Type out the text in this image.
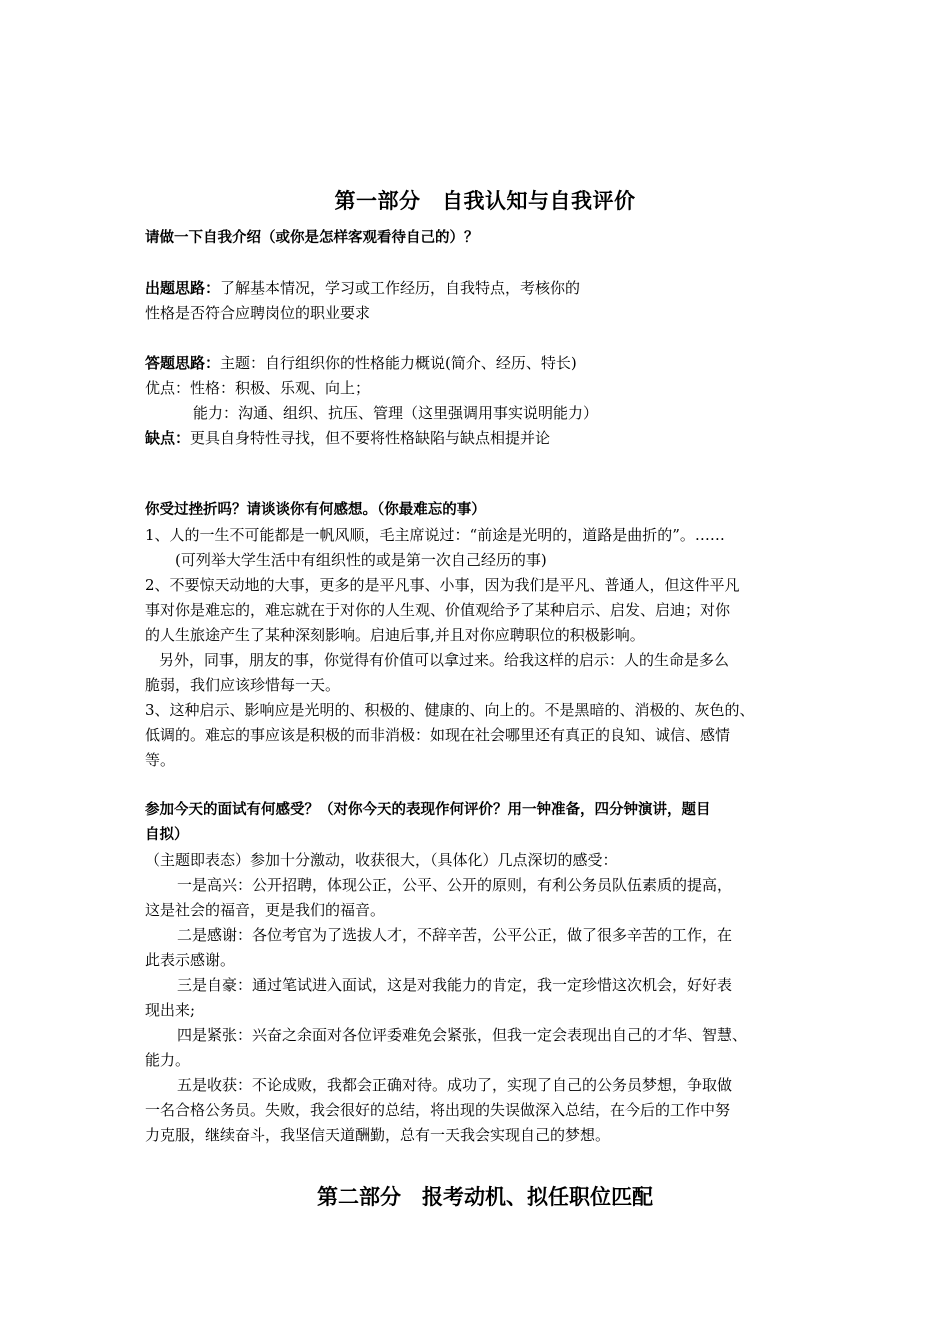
第一部分　自我认知与自我评价

请做一下自我介绍（或你是怎样客观看待自己的）？

出题思路：了解基本情况，学习或工作经历，自我特点，考核你的

性格是否符合应聘岗位的职业要求

答题思路：主题：自行组织你的性格能力概说(简介、经历、特长)

优点：性格：积极、乐观、向上；

能力：沟通、组织、抗压、管理（这里强调用事实说明能力）

缺点：更具自身特性寻找，但不要将性格缺陷与缺点相提并论

你受过挫折吗？请谈谈你有何感想。（你最难忘的事）

1、人的一生不可能都是一帆风顺，毛主席说过：“前途是光明的，道路是曲折的”。……

(可列举大学生活中有组织性的或是第一次自己经历的事)

2、不要惊天动地的大事，更多的是平凡事、小事，因为我们是平凡、普通人，但这件平凡

事对你是难忘的，难忘就在于对你的人生观、价值观给予了某种启示、启发、启迪；对你

的人生旅途产生了某种深刻影响。启迪后事,并且对你应聘职位的积极影响。

另外，同事，朋友的事，你觉得有价值可以拿过来。给我这样的启示：人的生命是多么

脆弱，我们应该珍惜每一天。

3、这种启示、影响应是光明的、积极的、健康的、向上的。不是黑暗的、消极的、灰色的、

低调的。难忘的事应该是积极的而非消极：如现在社会哪里还有真正的良知、诚信、感情

等。

参加今天的面试有何感受？（对你今天的表现作何评价？用一钟准备，四分钟演讲，题目

自拟）

（主题即表态）参加十分激动，收获很大，（具体化）几点深切的感受：

一是高兴：公开招聘，体现公正，公平、公开的原则，有利公务员队伍素质的提高，

这是社会的福音，更是我们的福音。

二是感谢：各位考官为了选拔人才，不辞辛苦，公平公正，做了很多辛苦的工作，在

此表示感谢。

三是自豪：通过笔试进入面试，这是对我能力的肯定，我一定珍惜这次机会，好好表

现出来;

四是紧张：兴奋之余面对各位评委难免会紧张，但我一定会表现出自己的才华、智慧、

能力。

五是收获：不论成败，我都会正确对待。成功了，实现了自己的公务员梦想，争取做

一名合格公务员。失败，我会很好的总结，将出现的失误做深入总结，在今后的工作中努

力克服，继续奋斗，我坚信天道酬勤，总有一天我会实现自己的梦想。

第二部分　报考动机、拟任职位匹配
